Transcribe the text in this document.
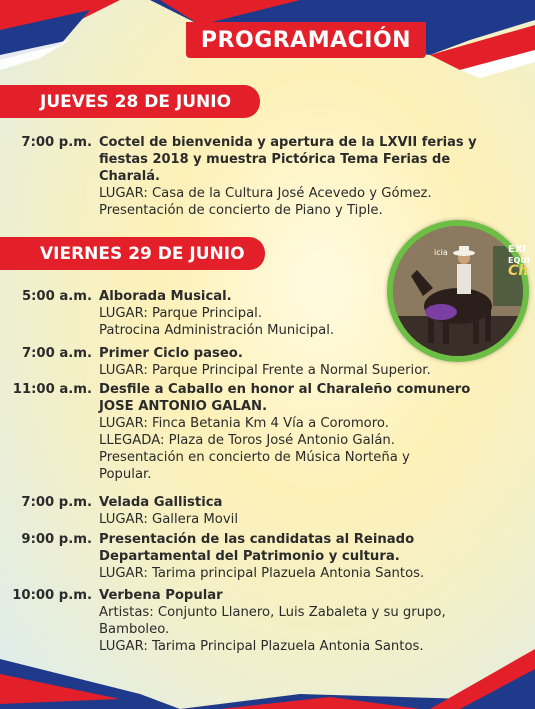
PROGRAMACIÓN
JUEVES 28 DE JUNIO
7:00 p.m. Coctel de bienvenida y apertura de la LXVII ferias y
fiestas 2018 y muestra Pictórica Tema Ferias de
Charalá.
LUGAR: Casa de la Cultura José Acevedo y Gómez.
Presentación de concierto de Piano y Tiple.
VIERNES 29 DE JUNIO	EXI
EQUI
Ch
icia
5:00 a.m. Alborada Musical.
LUGAR: Parque Principal.
Patrocina Administración Municipal.
7:00 a.m. Primer Ciclo paseo.
LUGAR: Parque Principal Frente a Normal Superior.
11:00 a.m. Desfile a Caballo en honor al Charaleño comunero
JOSE ANTONIO GALAN.
LUGAR: Finca Betania Km 4 Vía a Coromoro.
LLEGADA: Plaza de Toros José Antonio Galán.
Presentación en concierto de Música Norteña y
Popular.
7:00 p.m. Velada Gallistica
LUGAR: Gallera Movil
9:00 p.m. Presentación de las candidatas al Reinado
Departamental del Patrimonio y cultura.
LUGAR: Tarima principal Plazuela Antonia Santos.
10:00 p.m. Verbena Popular
Artistas: Conjunto Llanero, Luis Zabaleta y su grupo,
Bamboleo.
LUGAR: Tarima Principal Plazuela Antonia Santos.
